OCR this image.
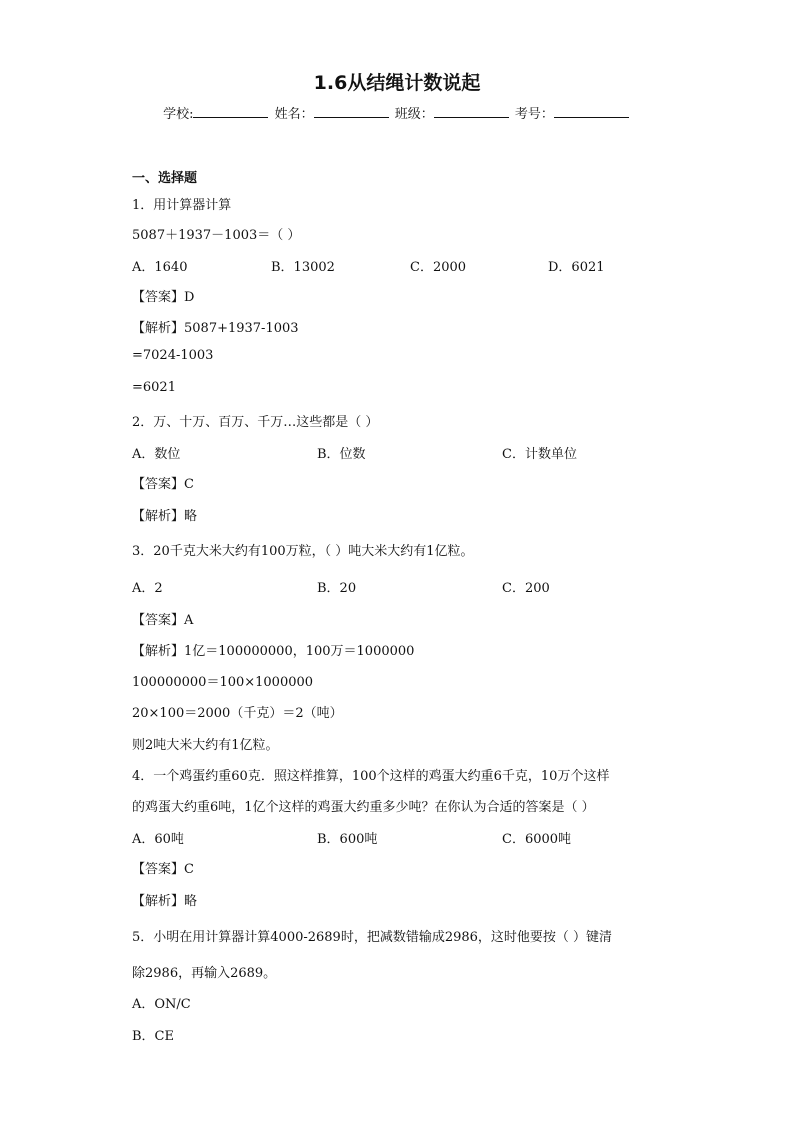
1.6从结绳计数说起
学校:	姓名：	班级：	考号：
一、选择题
1．用计算器计算
5087＋1937－1003＝（ ）
A．1640	B．13002	C．2000	D．6021
【答案】D
【解析】5087+1937-1003
=7024-1003
=6021
2．万、十万、百万、千万…这些都是（ ）
A．数位	B．位数	C．计数单位
【答案】C
【解析】略
3．20千克大米大约有100万粒，（ ）吨大米大约有1亿粒。
A．2	B．20	C．200
【答案】A
【解析】1亿＝100000000，100万＝1000000
100000000＝100×1000000
20×100＝2000（千克）＝2（吨）
则2吨大米大约有1亿粒。
4．一个鸡蛋约重60克．照这样推算，100个这样的鸡蛋大约重6千克，10万个这样
的鸡蛋大约重6吨，1亿个这样的鸡蛋大约重多少吨？在你认为合适的答案是（ ）
A．60吨	B．600吨	C．6000吨
【答案】C
【解析】略
5．小明在用计算器计算4000-2689时，把减数错输成2986，这时他要按（ ）键清
除2986，再输入2689。
A．ON/C
B．CE
